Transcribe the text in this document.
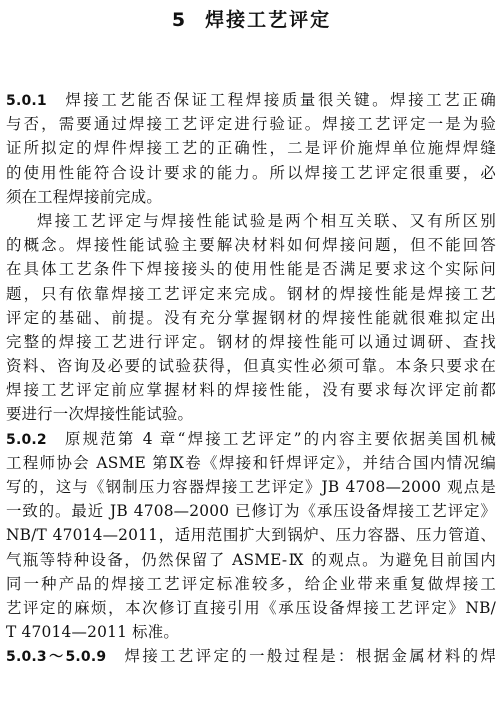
5 焊接工艺评定
5.0.1 焊接工艺能否保证工程焊接质量很关键。焊接工艺正确
与否，需要通过焊接工艺评定进行验证。焊接工艺评定一是为验
证所拟定的焊件焊接工艺的正确性，二是评价施焊单位施焊焊缝
的使用性能符合设计要求的能力。所以焊接工艺评定很重要，必
须在工程焊接前完成。
焊接工艺评定与焊接性能试验是两个相互关联、又有所区别
的概念。焊接性能试验主要解决材料如何焊接问题，但不能回答
在具体工艺条件下焊接接头的使用性能是否满足要求这个实际问
题，只有依靠焊接工艺评定来完成。钢材的焊接性能是焊接工艺
评定的基础、前提。没有充分掌握钢材的焊接性能就很难拟定出
完整的焊接工艺进行评定。钢材的焊接性能可以通过调研、查找
资料、咨询及必要的试验获得，但真实性必须可靠。本条只要求在
焊接工艺评定前应掌握材料的焊接性能，没有要求每次评定前都
要进行一次焊接性能试验。
5.0.2 原规范第 4 章“焊接工艺评定”的内容主要依据美国机械
工程师协会 ASME 第Ⅸ卷《焊接和钎焊评定》，并结合国内情况编
写的，这与《钢制压力容器焊接工艺评定》JB 4708—2000 观点是
一致的。最近 JB 4708—2000 已修订为《承压设备焊接工艺评定》
NB/T 47014—2011，适用范围扩大到锅炉、压力容器、压力管道、
气瓶等特种设备，仍然保留了 ASME-Ⅸ 的观点。为避免目前国内
同一种产品的焊接工艺评定标准较多，给企业带来重复做焊接工
艺评定的麻烦，本次修订直接引用《承压设备焊接工艺评定》NB/
T 47014—2011 标准。
5.0.3～5.0.9 焊接工艺评定的一般过程是：根据金属材料的焊
